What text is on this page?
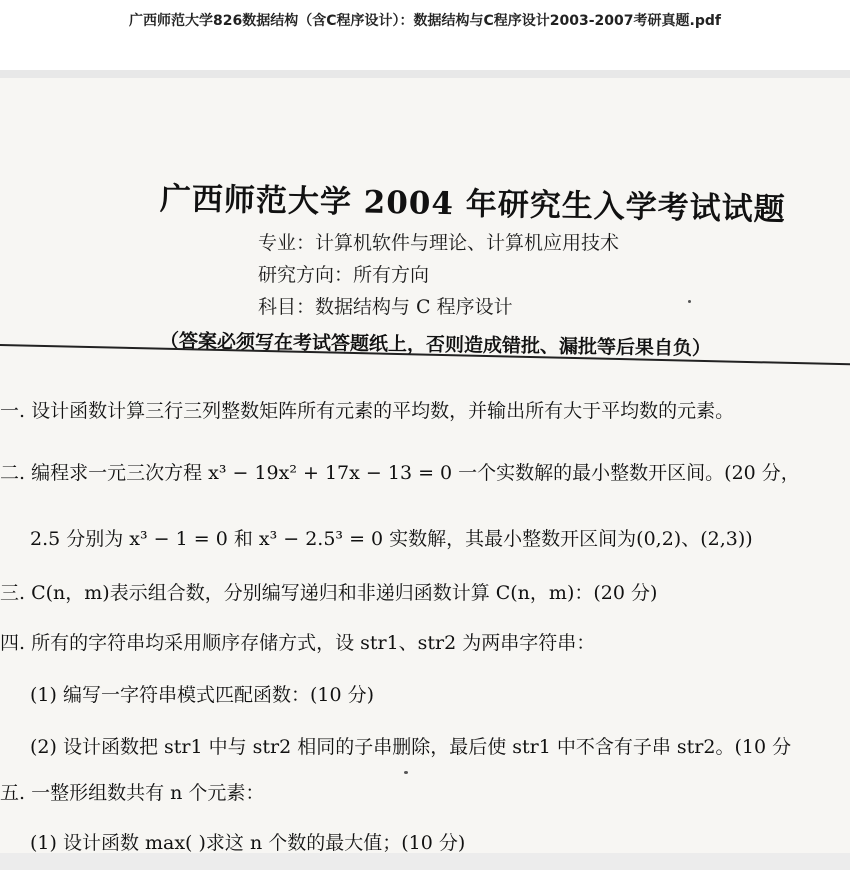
广西师范大学826数据结构（含C程序设计）：数据结构与C程序设计2003-2007考研真题.pdf
广西师范大学 2004 年研究生入学考试试题
专业：计算机软件与理论、计算机应用技术
研究方向：所有方向
科目：数据结构与 C 程序设计
（答案必须写在考试答题纸上，否则造成错批、漏批等后果自负）
一. 设计函数计算三行三列整数矩阵所有元素的平均数，并输出所有大于平均数的元素。
二. 编程求一元三次方程 x³ − 19x² + 17x − 13 = 0 一个实数解的最小整数开区间。(20 分，
2.5 分别为 x³ − 1 = 0 和 x³ − 2.5³ = 0 实数解，其最小整数开区间为(0,2)、(2,3))
三. C(n，m)表示组合数，分别编写递归和非递归函数计算 C(n，m)：(20 分)
四. 所有的字符串均采用顺序存储方式，设 str1、str2 为两串字符串：
(1) 编写一字符串模式匹配函数：(10 分)
(2) 设计函数把 str1 中与 str2 相同的子串删除，最后使 str1 中不含有子串 str2。(10 分
五. 一整形组数共有 n 个元素：
(1) 设计函数 max( )求这 n 个数的最大值；(10 分)
